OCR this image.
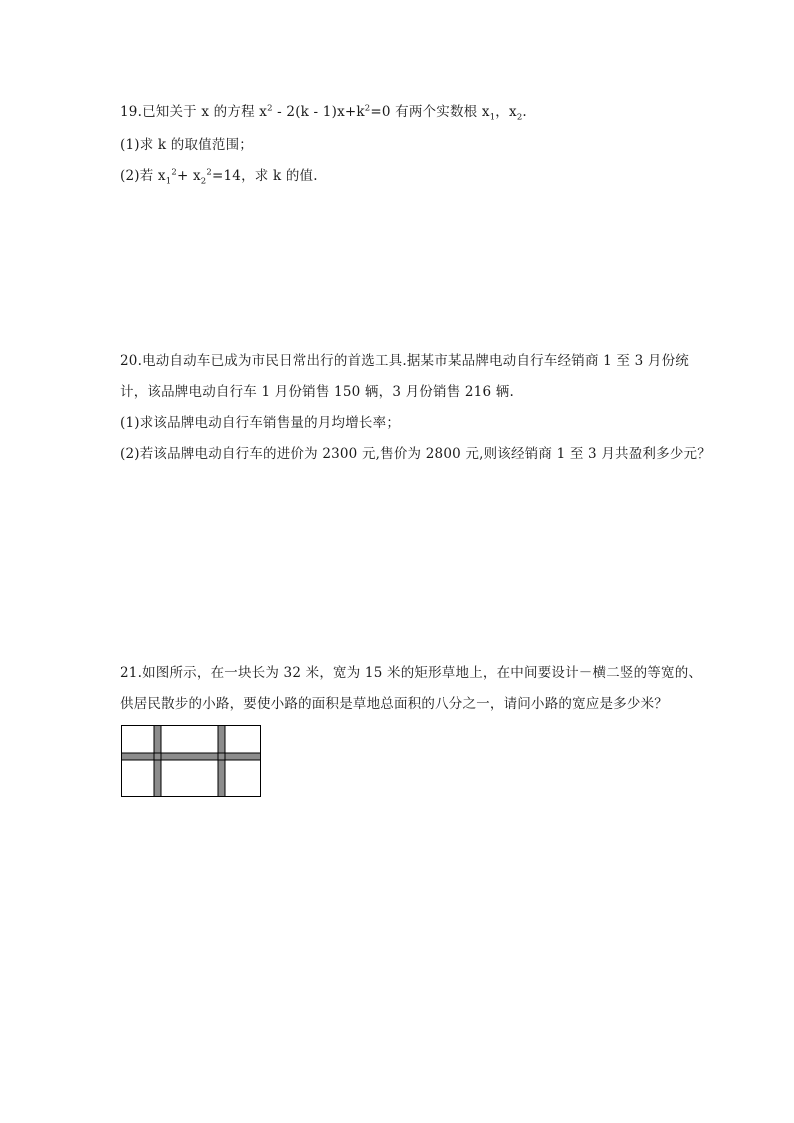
19.已知关于 x 的方程 $x^2 - 2(k - 1)x+k^2=0$ 有两个实数根 $x_1$，$x_2$.
(1)求 k 的取值范围；
(2)若 $x_1^2+ x_2^2=14$，求 k 的值.
20.电动自动车已成为市民日常出行的首选工具.据某市某品牌电动自行车经销商 1 至 3 月份统
计，该品牌电动自行车 1 月份销售 150 辆，3 月份销售 216 辆.
(1)求该品牌电动自行车销售量的月均增长率；
(2)若该品牌电动自行车的进价为 2300 元,售价为 2800 元,则该经销商 1 至 3 月共盈利多少元？
21.如图所示，在一块长为 32 米，宽为 15 米的矩形草地上，在中间要设计－横二竖的等宽的、
供居民散步的小路，要使小路的面积是草地总面积的八分之一，请问小路的宽应是多少米？
